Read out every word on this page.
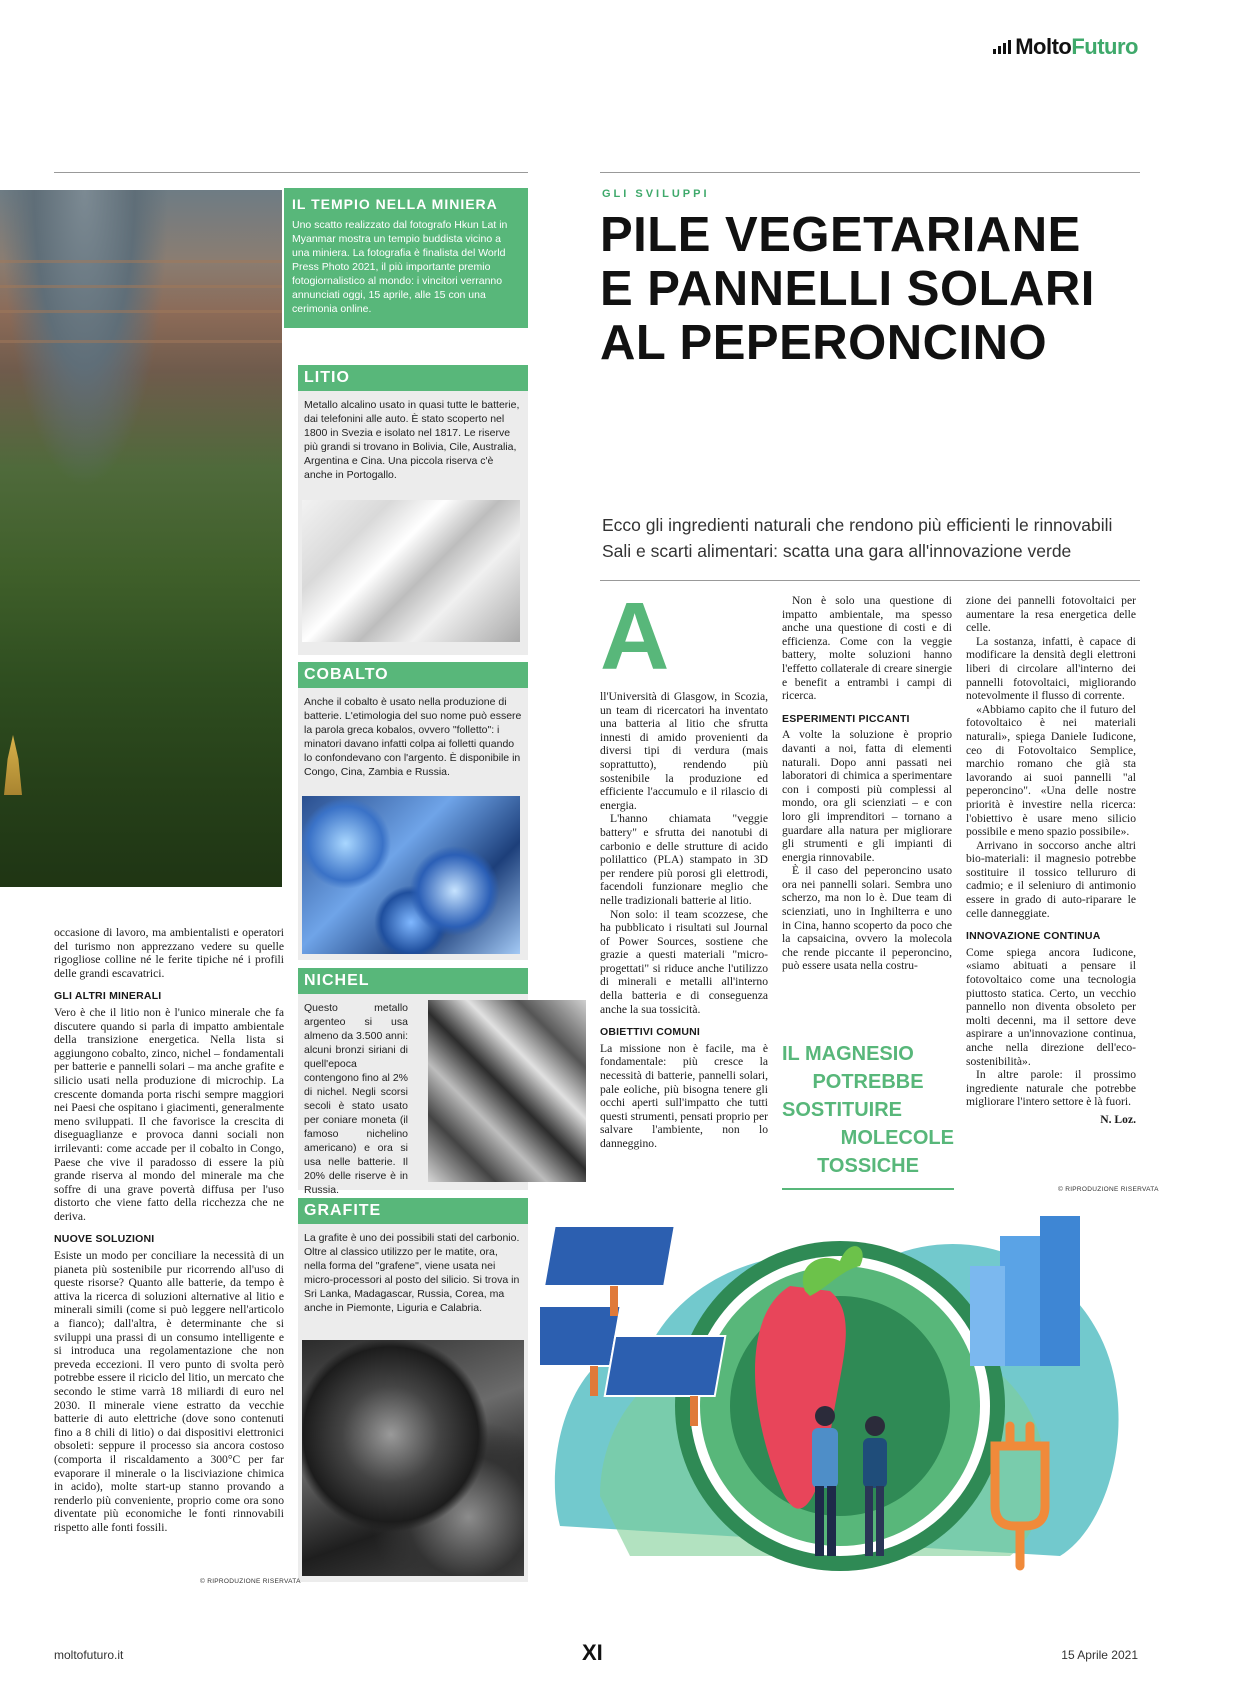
Molto Futuro
IL TEMPIO NELLA MINIERA

Uno scatto realizzato dal fotografo Hkun Lat in Myanmar mostra un tempio buddista vicino a una miniera. La fotografia è finalista del World Press Photo 2021, il più importante premio fotogiornalistico al mondo: i vincitori verranno annunciati oggi, 15 aprile, alle 15 con una cerimonia online.

LITIO

Metallo alcalino usato in quasi tutte le batterie, dai telefonini alle auto. È stato scoperto nel 1800 in Svezia e isolato nel 1817. Le riserve più grandi si trovano in Bolivia, Cile, Australia, Argentina e Cina. Una piccola riserva c'è anche in Portogallo.

COBALTO

Anche il cobalto è usato nella produzione di batterie. L'etimologia del suo nome può essere la parola greca kobalos, ovvero "folletto": i minatori davano infatti colpa ai folletti quando lo confondevano con l'argento. È disponibile in Congo, Cina, Zambia e Russia.

NICHEL

Questo metallo argenteo si usa almeno da 3.500 anni: alcuni bronzi siriani di quell'epoca contengono fino al 2% di nichel. Negli scorsi secoli è stato usato per coniare moneta (il famoso nichelino americano) e ora si usa nelle batterie. Il 20% delle riserve è in Russia.

GRAFITE

La grafite è uno dei possibili stati del carbonio. Oltre al classico utilizzo per le matite, ora, nella forma del "grafene", viene usata nei micro-processori al posto del silicio. Si trova in Sri Lanka, Madagascar, Russia, Corea, ma anche in Piemonte, Liguria e Calabria.

occasione di lavoro, ma ambientalisti e operatori del turismo non apprezzano vedere su quelle rigogliose colline né le ferite tipiche né i profili delle grandi escavatrici.

GLI ALTRI MINERALI

Vero è che il litio non è l'unico minerale che fa discutere quando si parla di impatto ambientale della transizione energetica. Nella lista si aggiungono cobalto, zinco, nichel – fondamentali per batterie e pannelli solari – ma anche grafite e silicio usati nella produzione di microchip. La crescente domanda porta rischi sempre maggiori nei Paesi che ospitano i giacimenti, generalmente meno sviluppati. Il che favorisce la crescita di diseguaglianze e provoca danni sociali non irrilevanti: come accade per il cobalto in Congo, Paese che vive il paradosso di essere la più grande riserva al mondo del minerale ma che soffre di una grave povertà diffusa per l'uso distorto che viene fatto della ricchezza che ne deriva.

NUOVE SOLUZIONI

Esiste un modo per conciliare la necessità di un pianeta più sostenibile pur ricorrendo all'uso di queste risorse? Quanto alle batterie, da tempo è attiva la ricerca di soluzioni alternative al litio e minerali simili (come si può leggere nell'articolo a fianco); dall'altra, è determinante che si sviluppi una prassi di un consumo intelligente e si introduca una regolamentazione che non preveda eccezioni. Il vero punto di svolta però potrebbe essere il riciclo del litio, un mercato che secondo le stime varrà 18 miliardi di euro nel 2030. Il minerale viene estratto da vecchie batterie di auto elettriche (dove sono contenuti fino a 8 chili di litio) o dai dispositivi elettronici obsoleti: seppure il processo sia ancora costoso (comporta il riscaldamento a 300°C per far evaporare il minerale o la lisciviazione chimica in acido), molte start-up stanno provando a renderlo più conveniente, proprio come ora sono diventate più economiche le fonti rinnovabili rispetto alle fonti fossili.

© RIPRODUZIONE RISERVATA
GLI SVILUPPI
PILE VEGETARIANE
E PANNELLI SOLARI
AL PEPERONCINO
Ecco gli ingredienti naturali che rendono più efficienti le rinnovabili
Sali e scarti alimentari: scatta una gara all'innovazione verde
A

ll'Università di Glasgow, in Scozia, un team di ricercatori ha inventato una batteria al litio che sfrutta innesti di amido provenienti da diversi tipi di verdura (mais soprattutto), rendendo più sostenibile la produzione ed efficiente l'accumulo e il rilascio di energia.

L'hanno chiamata "veggie battery" e sfrutta dei nanotubi di carbonio e delle strutture di acido polilattico (PLA) stampato in 3D per rendere più porosi gli elettrodi, facendoli funzionare meglio che nelle tradizionali batterie al litio.

Non solo: il team scozzese, che ha pubblicato i risultati sul Journal of Power Sources, sostiene che grazie a questi materiali "micro-progettati" si riduce anche l'utilizzo di minerali e metalli all'interno della batteria e di conseguenza anche la sua tossicità.

OBIETTIVI COMUNI

La missione non è facile, ma è fondamentale: più cresce la necessità di batterie, pannelli solari, pale eoliche, più bisogna tenere gli occhi aperti sull'impatto che tutti questi strumenti, pensati proprio per salvare l'ambiente, non lo danneggino.

Non è solo una questione di impatto ambientale, ma spesso anche una questione di costi e di efficienza. Come con la veggie battery, molte soluzioni hanno l'effetto collaterale di creare sinergie e benefit a entrambi i campi di ricerca.

ESPERIMENTI PICCANTI

A volte la soluzione è proprio davanti a noi, fatta di elementi naturali. Dopo anni passati nei laboratori di chimica a sperimentare con i composti più complessi al mondo, ora gli scienziati – e con loro gli imprenditori – tornano a guardare alla natura per migliorare gli strumenti e gli impianti di energia rinnovabile.

È il caso del peperoncino usato ora nei pannelli solari. Sembra uno scherzo, ma non lo è. Due team di scienziati, uno in Inghilterra e uno in Cina, hanno scoperto da poco che la capsaicina, ovvero la molecola che rende piccante il peperoncino, può essere usata nella costru-

IL MAGNESIO
POTREBBE
SOSTITUIRE
MOLECOLE
TOSSICHE

zione dei pannelli fotovoltaici per aumentare la resa energetica delle celle.

La sostanza, infatti, è capace di modificare la densità degli elettroni liberi di circolare all'interno dei pannelli fotovoltaici, migliorando notevolmente il flusso di corrente.

«Abbiamo capito che il futuro del fotovoltaico è nei materiali naturali», spiega Daniele Iudicone, ceo di Fotovoltaico Semplice, marchio romano che già sta lavorando ai suoi pannelli "al peperoncino". «Una delle nostre priorità è investire nella ricerca: l'obiettivo è usare meno silicio possibile e meno spazio possibile».

Arrivano in soccorso anche altri bio-materiali: il magnesio potrebbe sostituire il tossico tellururo di cadmio; e il seleniuro di antimonio essere in grado di auto-riparare le celle danneggiate.

INNOVAZIONE CONTINUA

Come spiega ancora Iudicone, «siamo abituati a pensare il fotovoltaico come una tecnologia piuttosto statica. Certo, un vecchio pannello non diventa obsoleto per molti decenni, ma il settore deve aspirare a un'innovazione continua, anche nella direzione dell'eco-sostenibilità».

In altre parole: il prossimo ingrediente naturale che potrebbe migliorare l'intero settore è là fuori.

N. Loz.
© RIPRODUZIONE RISERVATA
moltofuturo.it	XI	15 Aprile 2021
